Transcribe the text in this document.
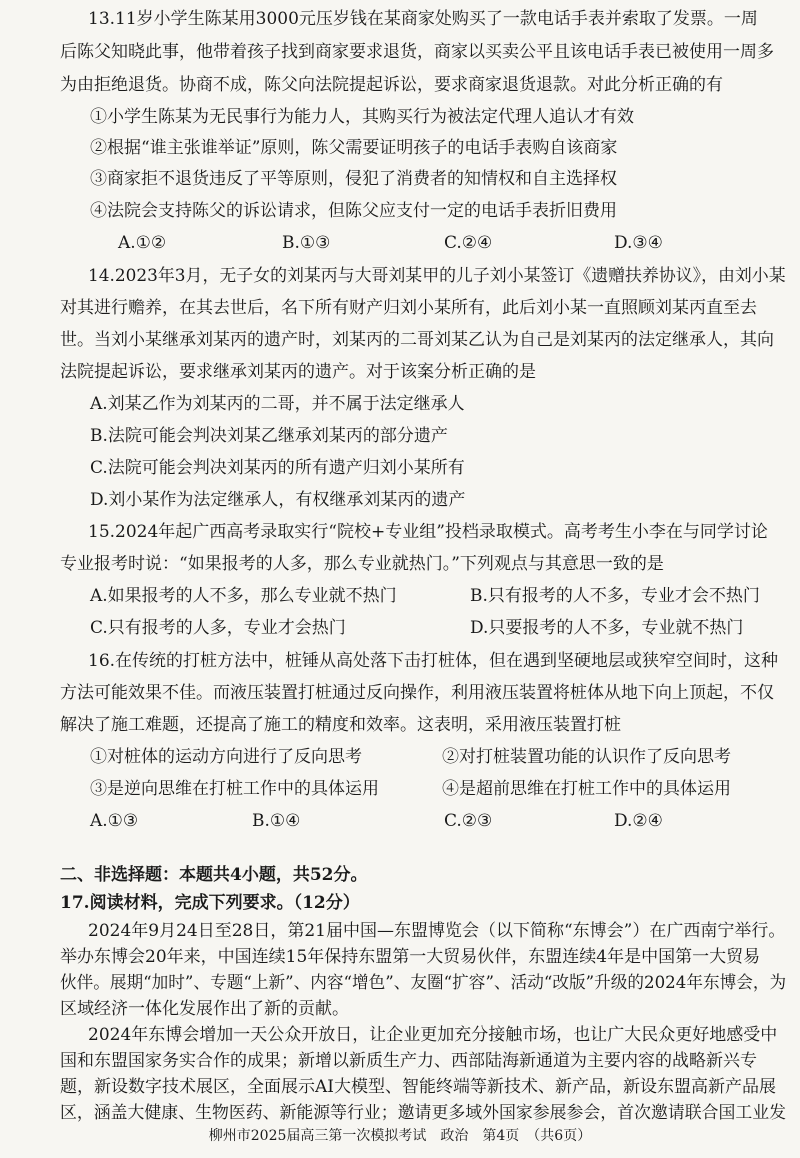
13.11岁小学生陈某用3000元压岁钱在某商家处购买了一款电话手表并索取了发票。一周
后陈父知晓此事，他带着孩子找到商家要求退货，商家以买卖公平且该电话手表已被使用一周多
为由拒绝退货。协商不成，陈父向法院提起诉讼，要求商家退货退款。对此分析正确的有
①小学生陈某为无民事行为能力人，其购买行为被法定代理人追认才有效
②根据“谁主张谁举证”原则，陈父需要证明孩子的电话手表购自该商家
③商家拒不退货违反了平等原则，侵犯了消费者的知情权和自主选择权
④法院会支持陈父的诉讼请求，但陈父应支付一定的电话手表折旧费用
A.①②	B.①③	C.②④	D.③④
14.2023年3月，无子女的刘某丙与大哥刘某甲的儿子刘小某签订《遗赠扶养协议》，由刘小某
对其进行赡养，在其去世后，名下所有财产归刘小某所有，此后刘小某一直照顾刘某丙直至去
世。当刘小某继承刘某丙的遗产时，刘某丙的二哥刘某乙认为自己是刘某丙的法定继承人，其向
法院提起诉讼，要求继承刘某丙的遗产。对于该案分析正确的是
A.刘某乙作为刘某丙的二哥，并不属于法定继承人
B.法院可能会判决刘某乙继承刘某丙的部分遗产
C.法院可能会判决刘某丙的所有遗产归刘小某所有
D.刘小某作为法定继承人，有权继承刘某丙的遗产
15.2024年起广西高考录取实行“院校+专业组”投档录取模式。高考考生小李在与同学讨论
专业报考时说：“如果报考的人多，那么专业就热门。”下列观点与其意思一致的是
A.如果报考的人不多，那么专业就不热门	B.只有报考的人不多，专业才会不热门
C.只有报考的人多，专业才会热门	D.只要报考的人不多，专业就不热门
16.在传统的打桩方法中，桩锤从高处落下击打桩体，但在遇到坚硬地层或狭窄空间时，这种
方法可能效果不佳。而液压装置打桩通过反向操作，利用液压装置将桩体从地下向上顶起，不仅
解决了施工难题，还提高了施工的精度和效率。这表明，采用液压装置打桩
①对桩体的运动方向进行了反向思考	②对打桩装置功能的认识作了反向思考
③是逆向思维在打桩工作中的具体运用	④是超前思维在打桩工作中的具体运用
A.①③	B.①④	C.②③	D.②④
二、非选择题：本题共4小题，共52分。
17.阅读材料，完成下列要求。（12分）
2024年9月24日至28日，第21届中国—东盟博览会（以下简称“东博会”）在广西南宁举行。
举办东博会20年来，中国连续15年保持东盟第一大贸易伙伴，东盟连续4年是中国第一大贸易
伙伴。展期“加时”、专题“上新”、内容“增色”、友圈“扩容”、活动“改版”升级的2024年东博会，为
区域经济一体化发展作出了新的贡献。
2024年东博会增加一天公众开放日，让企业更加充分接触市场，也让广大民众更好地感受中
国和东盟国家务实合作的成果；新增以新质生产力、西部陆海新通道为主要内容的战略新兴专
柳州市2025届高三第一次模拟考试　政治　第4页　（共6页）
题，新设数字技术展区，全面展示AI大模型、智能终端等新技术、新产品，新设东盟高新产品展
区，涵盖大健康、生物医药、新能源等行业；邀请更多域外国家参展参会，首次邀请联合国工业发
